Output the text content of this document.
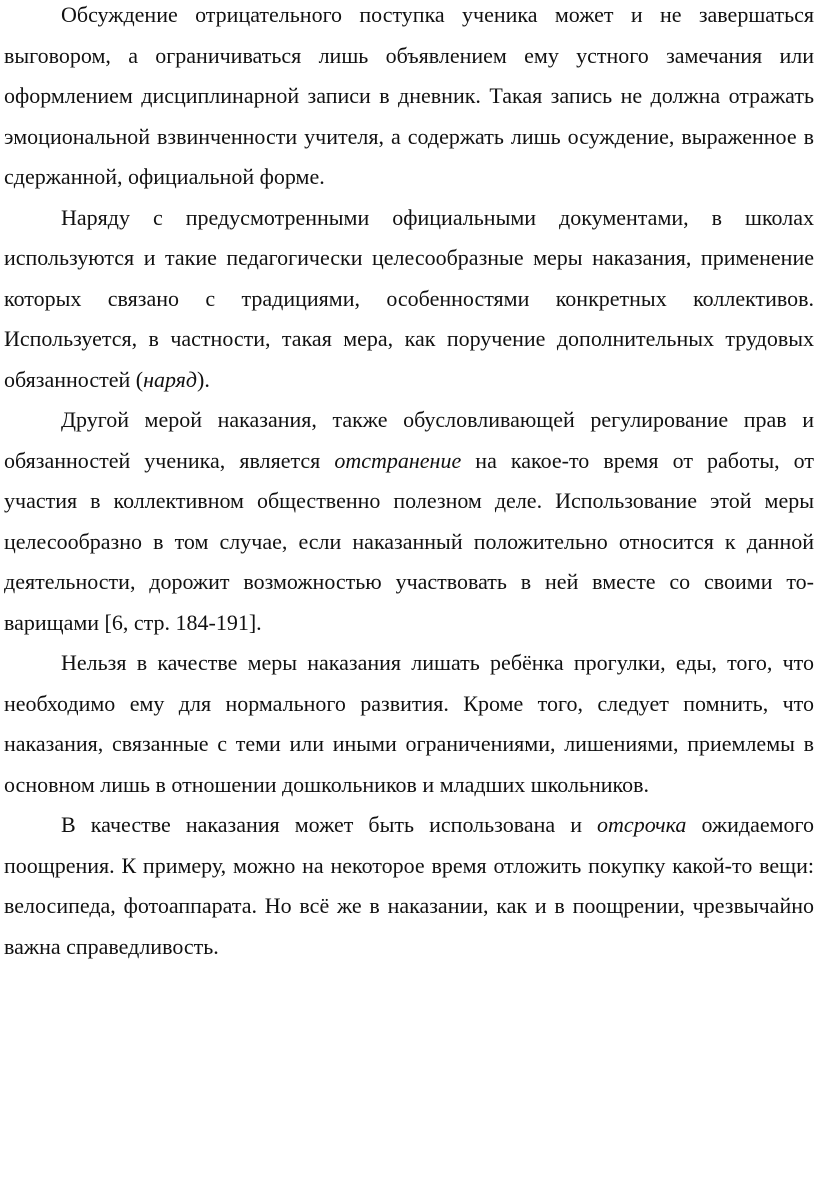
Обсуждение отрицательного поступка ученика может и не завершаться выговором, а ограничиваться лишь объявлением ему устного замечания или оформлением дисциплинарной записи в дневник. Такая запись не должна отражать эмоциональной взвинченности учителя, а содержать лишь осуждение, выраженное в сдержанной, официальной форме.

Наряду с предусмотренными официальными документами, в школах используются и такие педагогически целесообразные меры наказания, применение которых связано с традициями, особенностями конкретных коллективов. Используется, в частности, такая мера, как поручение дополнительных трудовых обязанностей (наряд).

Другой мерой наказания, также обусловливающей регулирование прав и обязанностей ученика, является отстранение на какое-то время от работы, от участия в коллективном общественно полезном деле. Использование этой меры целесообразно в том случае, если наказанный положительно относится к данной деятельности, дорожит возможностью участвовать в ней вместе со своими то-варищами [6, стр. 184-191].

Нельзя в качестве меры наказания лишать ребёнка прогулки, еды, того, что необходимо ему для нормального развития. Кроме того, следует помнить, что наказания, связанные с теми или иными ограничениями, лишениями, приемлемы в основном лишь в отношении дошкольников и младших школьников.

В качестве наказания может быть использована и отсрочка ожидаемого поощрения. К примеру, можно на некоторое время отложить покупку какой-то вещи: велосипеда, фотоаппарата. Но всё же в наказании, как и в поощрении, чрезвычайно важна справедливость.
